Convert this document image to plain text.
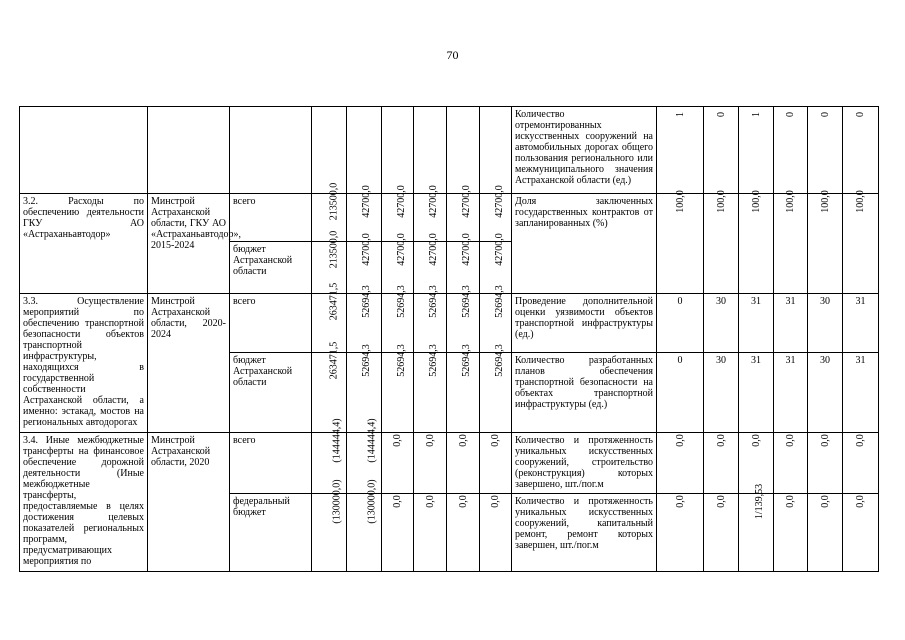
70
									Количество отремонтированных искусственных сооружений на автомобильных дорогах общего пользования регионального или межмуниципального значения Астраханской области (ед.)	1	0	1	0	0	0
3.2. Расходы по обеспечению деятельности ГКУ АО «Астраханьавтодор»	Минстрой Астраханской области, ГКУ АО «Астраханьавтодор», 2015-2024	всего	213500,0	42700,0	42700,0	42700,0	42700,0	42700,0	Доля заключенных государственных контрактов от запланированных (%)	100,0	100,0	100,0	100,0	100,0	100,0
		бюджет Астраханской области	213500,0	42700,0	42700,0	42700,0	42700,0	42700,0							
3.3. Осуществление мероприятий по обеспечению транспортной безопасности объектов транспортной инфраструктуры, находящихся в государственной собственности Астраханской области, а именно: эстакад, мостов на региональных автодорогах	Минстрой Астраханской области, 2020-2024	всего	263471,5	52694,3	52694,3	52694,3	52694,3	52694,3	Проведение дополнительной оценки уязвимости объектов транспортной инфраструктуры (ед.)	0	30	31	31	30	31
		бюджет Астраханской области	263471,5	52694,3	52694,3	52694,3	52694,3	52694,3	Количество разработанных планов обеспечения транспортной безопасности на объектах транспортной инфраструктуры (ед.)	0	30	31	31	30	31
3.4. Иные межбюджетные трансферты на финансовое обеспечение дорожной деятельности (Иные межбюджетные трансферты, предоставляемые в целях достижения целевых показателей региональных программ, предусматривающих мероприятия по	Минстрой Астраханской области, 2020	всего	(144444,4)	(144444,4)	0,0	0,0	0,0	0,0	Количество и протяженность уникальных искусственных сооружений, строительство (реконструкция) которых завершено, шт./пог.м	0,0	0,0	0,0	0,0	0,0	0,0
		федеральный бюджет	(130000,0)	(130000,0)	0,0	0,0	0,0	0,0	Количество и протяженность уникальных искусственных сооружений, капитальный ремонт, ремонт которых завершен, шт./пог.м	0,0	0,0	1/139,53	0,0	0,0	0,0
